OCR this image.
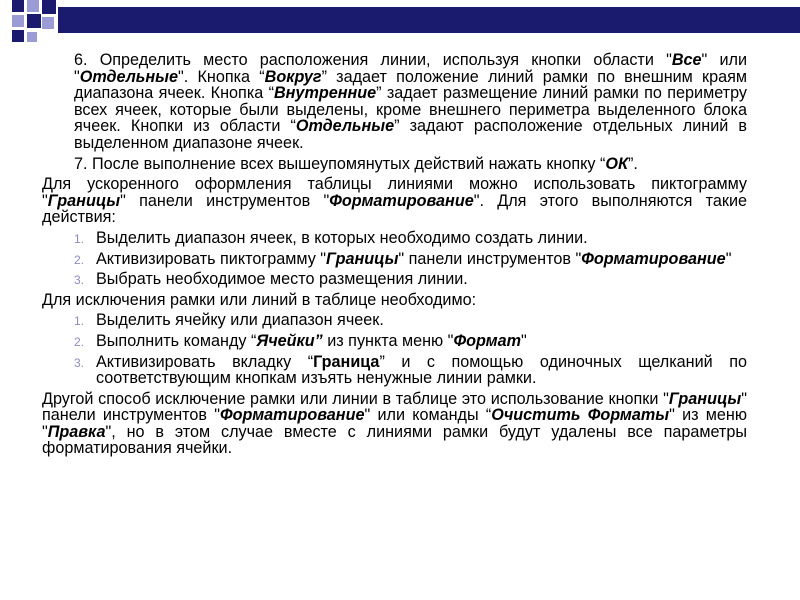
6. Определить место расположения линии, используя кнопки области "Все" или "Отдельные". Кнопка “Вокруг” задает положение линий рамки по внешним краям диапазона ячеек. Кнопка “Внутренние” задает размещение линий рамки по периметру всех ячеек, которые были выделены, кроме внешнего периметра выделенного блока ячеек. Кнопки из области “Отдельные” задают расположение отдельных линий в выделенном диапазоне ячеек.
7. После выполнение всех вышеупомянутых действий нажать кнопку “ОК”.
Для ускоренного оформления таблицы линиями можно использовать пиктограмму "Границы" панели инструментов "Форматирование". Для этого выполняются такие действия:
1. Выделить диапазон ячеек, в которых необходимо создать линии.
2. Активизировать пиктограмму "Границы" панели инструментов "Форматирование"
3. Выбрать необходимое место размещения линии.
Для исключения рамки или линий в таблице необходимо:
1. Выделить ячейку или диапазон ячеек.
2. Выполнить команду “Ячейки” из пункта меню "Формат"
3. Активизировать вкладку “Граница” и с помощью одиночных щелканий по соответствующим кнопкам изъять ненужные линии рамки.
Другой способ исключение рамки или линии в таблице это использование кнопки "Границы" панели инструментов "Форматирование" или команды “Очистить Форматы" из меню "Правка", но в этом случае вместе с линиями рамки будут удалены все параметры форматирования ячейки.
